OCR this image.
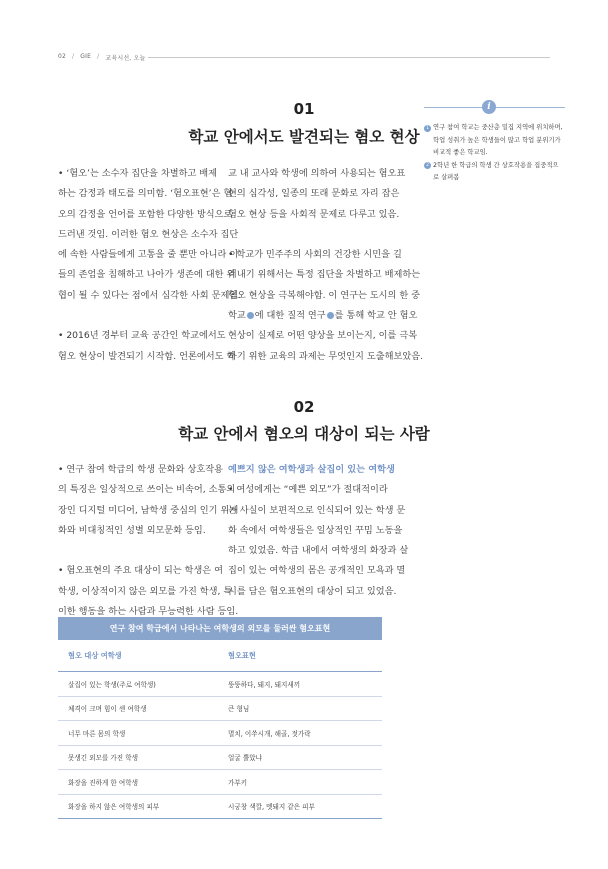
02 / GIE / 교육시선, 오늘
01
학교 안에서도 발견되는 혐오 현상
• ‘혐오’는 소수자 집단을 차별하고 배제
하는 감정과 태도를 의미함. ‘혐오표현’은 혐
오의 감정을 언어를 포함한 다양한 방식으로
드러낸 것임. 이러한 혐오 현상은 소수자 집단
에 속한 사람들에게 고통을 줄 뿐만 아니라 이
들의 존엄을 침해하고 나아가 생존에 대한 위
협이 될 수 있다는 점에서 심각한 사회 문제임.

• 2016년 경부터 교육 공간인 학교에서도
혐오 현상이 발견되기 시작함. 언론에서도 학
교 내 교사와 학생에 의하여 사용되는 혐오표
현의 심각성, 일종의 또래 문화로 자리 잡은
혐오 현상 등을 사회적 문제로 다루고 있음.

• 학교가 민주주의 사회의 건강한 시민을 길
러내기 위해서는 특정 집단을 차별하고 배제하는
혐오 현상을 극복해야함. 이 연구는 도시의 한 중
학교 에 대한 질적 연구 를 통해 학교 안 혐오
현상이 실제로 어떤 양상을 보이는지, 이를 극복
하기 위한 교육의 과제는 무엇인지 도출해보았음.
i
1 연구 참여 학교는 중산층 밀집 지역에 위치하며,
학업 성취가 높은 학생들이 많고 학업 분위기가
비교적 좋은 학교임.
2 2학년 한 학급의 학생 간 상호작용을 집중적으
로 살펴봄
02
학교 안에서 혐오의 대상이 되는 사람
• 연구 참여 학급의 학생 문화와 상호작용
의 특징은 일상적으로 쓰이는 비속어, 소통의
장인 디지털 미디어, 남학생 중심의 인기 위계
화와 비대칭적인 성별 외모문화 등임.

• 혐오표현의 주요 대상이 되는 학생은 여
학생, 이상적이지 않은 외모를 가진 학생, 특
이한 행동을 하는 사람과 무능력한 사람 등임.
예쁘지 않은 여학생과 살집이 있는 여학생
• 여성에게는 “예쁜 외모”가 절대적이라
는 사실이 보편적으로 인식되어 있는 학생 문
화 속에서 여학생들은 일상적인 꾸밈 노동을
하고 있었음. 학급 내에서 여학생의 화장과 살
집이 있는 여학생의 몸은 공개적인 모욕과 멸
시를 담은 혐오표현의 대상이 되고 있었음.
연구 참여 학급에서 나타나는 여학생의 외모를 둘러싼 혐오표현
혐오 대상 여학생	혐오표현
살집이 있는 학생(주로 여학생)	뚱뚱하다, 돼지, 돼지새끼
체격이 크며 힘이 센 여학생	큰 형님
너무 마른 몸의 학생	멸치, 이쑤시개, 해골, 젓가락
못생긴 외모를 가진 학생	얼굴 뿔았냐
화장을 진하게 한 여학생	가부키
화장을 하지 않은 여학생의 피부	시궁창 색깔, 멧돼지 같은 피부
